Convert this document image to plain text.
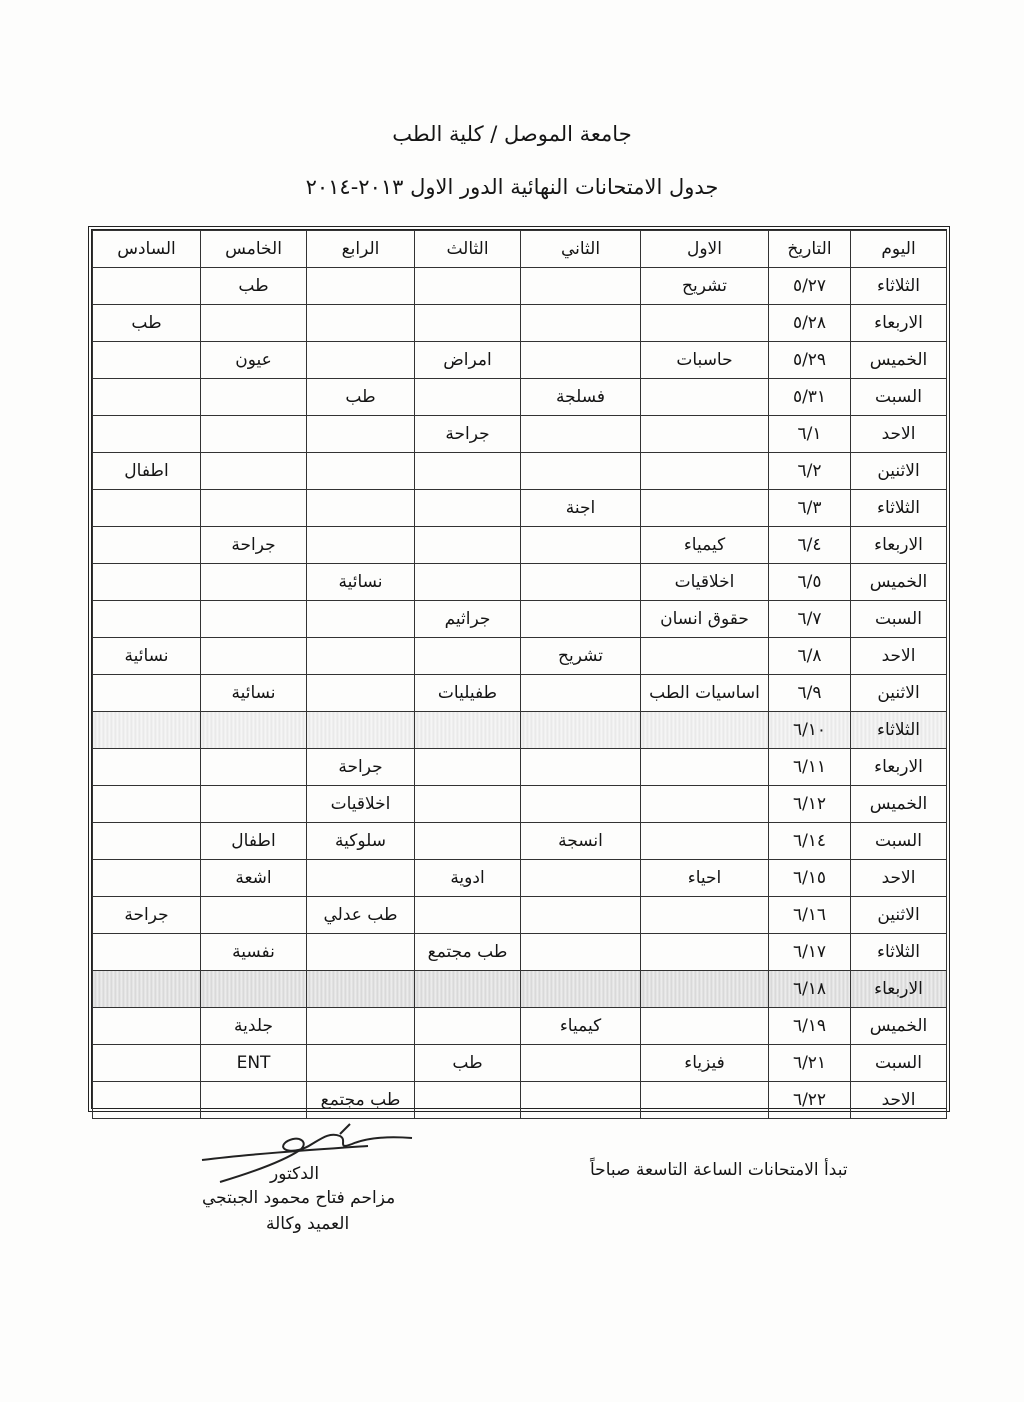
جامعة الموصل / كلية الطب
جدول الامتحانات النهائية الدور الاول ٢٠١٣-٢٠١٤
اليوم	التاريخ	الاول	الثاني	الثالث	الرابع	الخامس	السادس
الثلاثاء	٥/٢٧	تشريح				طب	
الاربعاء	٥/٢٨						طب
الخميس	٥/٢٩	حاسبات		امراض		عيون	
السبت	٥/٣١		فسلجة		طب		
الاحد	٦/١			جراحة			
الاثنين	٦/٢						اطفال
الثلاثاء	٦/٣		اجنة				
الاربعاء	٦/٤	كيمياء				جراحة	
الخميس	٦/٥	اخلاقيات			نسائية		
السبت	٦/٧	حقوق انسان		جراثيم			
الاحد	٦/٨		تشريح				نسائية
الاثنين	٦/٩	اساسيات الطب		طفيليات		نسائية	
الثلاثاء	٦/١٠						
الاربعاء	٦/١١				جراحة		
الخميس	٦/١٢				اخلاقيات		
السبت	٦/١٤		انسجة		سلوكية	اطفال	
الاحد	٦/١٥	احياء		ادوية		اشعة	
الاثنين	٦/١٦				طب عدلي		جراحة
الثلاثاء	٦/١٧			طب مجتمع		نفسية	
الاربعاء	٦/١٨						
الخميس	٦/١٩		كيمياء			جلدية	
السبت	٦/٢١	فيزياء		طب		ENT	
الاحد	٦/٢٢				طب مجتمع		
تبدأ الامتحانات الساعة التاسعة صباحاً
الدكتور
مزاحم فتاح محمود الجبتجي
العميد وكالة
